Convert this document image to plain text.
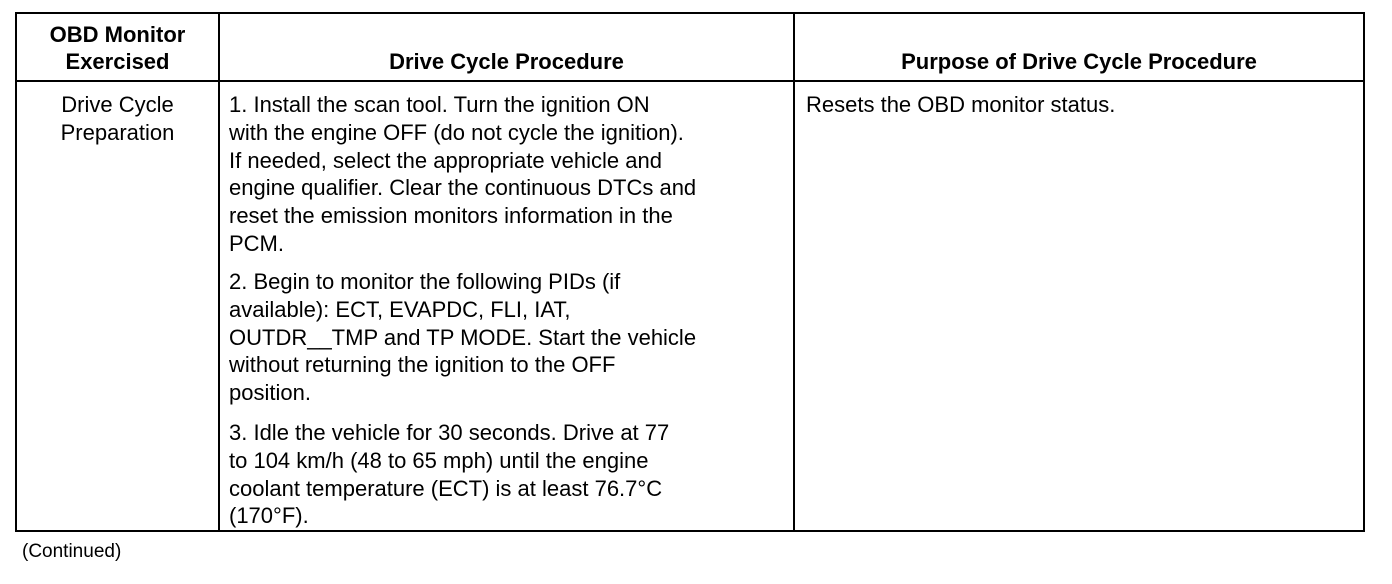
OBD Monitor
Exercised	Drive Cycle Procedure	Purpose of Drive Cycle Procedure
Drive Cycle
Preparation
1. Install the scan tool. Turn the ignition ON
with the engine OFF (do not cycle the ignition).
If needed, select the appropriate vehicle and
engine qualifier. Clear the continuous DTCs and
reset the emission monitors information in the
PCM.
2. Begin to monitor the following PIDs (if
available): ECT, EVAPDC, FLI, IAT,
OUTDR__TMP and TP MODE. Start the vehicle
without returning the ignition to the OFF
position.
3. Idle the vehicle for 30 seconds. Drive at 77
to 104 km/h (48 to 65 mph) until the engine
coolant temperature (ECT) is at least 76.7°C
(170°F).
Resets the OBD monitor status.
(Continued)
